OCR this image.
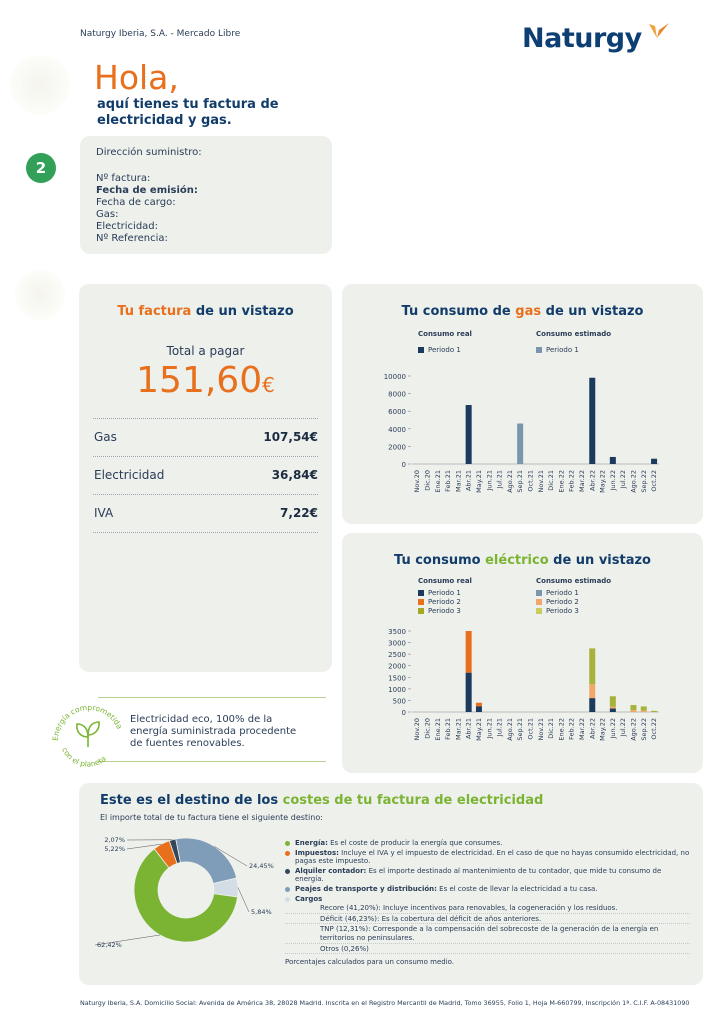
Naturgy Iberia, S.A. - Mercado Libre	Naturgy
Hola,
aquí tienes tu factura de electricidad y gas.
2
Dirección suministro:
Nº factura:
Fecha de emisión:
Fecha de cargo:
Gas:
Electricidad:
Nº Referencia:
Tu factura de un vistazo
Total a pagar
151,60€
Gas	107,54€
Electricidad	36,84€
IVA	7,22€
Tu consumo de gas de un vistazo
Consumo real
Periodo 1
Consumo estimado
Periodo 1
0
2000
4000
6000
8000
10000
Nov.20 Dic.20 Ene.21 Feb.21 Mar.21 Abr.21 May.21 Jun.21 Jul.21 Ago.21 Sep.21 Oct.21 Nov.21 Dic.21 Ene.22 Feb.22 Mar.22 Abr.22 May.22 Jun.22 Jul.22 Ago.22 Sep.22 Oct.22
Tu consumo eléctrico de un vistazo
Consumo real
Periodo 1
Periodo 2
Periodo 3
Consumo estimado
Periodo 1
Periodo 2
Periodo 3
0
500
1000
1500
2000
2500
3000
3500
Nov.20 Dic.20 Ene.21 Feb.21 Mar.21 Abr.21 May.21 Jun.21 Jul.21 Ago.21 Sep.21 Oct.21 Nov.21 Dic.21 Ene.22 Feb.22 Mar.22 Abr.22 May.22 Jun.22 Jul.22 Ago.22 Sep.22 Oct.22
Energía comprometida
con el planeta
Electricidad eco, 100% de la energía suministrada procedente de fuentes renovables.
Este es el destino de los costes de tu factura de electricidad
El importe total de tu factura tiene el siguiente destino:
62,42%
2,07%
24,45%
5,84%
5,22%
Energía: Es el coste de producir la energía que consumes.
Impuestos: Incluye el IVA y el impuesto de electricidad. En el caso de que no hayas consumido electricidad, no pagas este impuesto.
Alquiler contador: Es el importe destinado al mantenimiento de tu contador, que mide tu consumo de energía.
Peajes de transporte y distribución: Es el coste de llevar la electricidad a tu casa.
Cargos
Recore (41,20%): Incluye incentivos para renovables, la cogeneración y los residuos.
Déficit (46,23%): Es la cobertura del déficit de años anteriores.
TNP (12,31%): Corresponde a la compensación del sobrecoste de la generación de la energía en territorios no peninsulares.
Otros (0,26%)
Porcentajes calculados para un consumo medio.
Naturgy Iberia, S.A. Domicilio Social: Avenida de América 38, 28028 Madrid. Inscrita en el Registro Mercantil de Madrid, Tomo 36955, Folio 1, Hoja M-660799, Inscripción 1ª. C.I.F. A-08431090
